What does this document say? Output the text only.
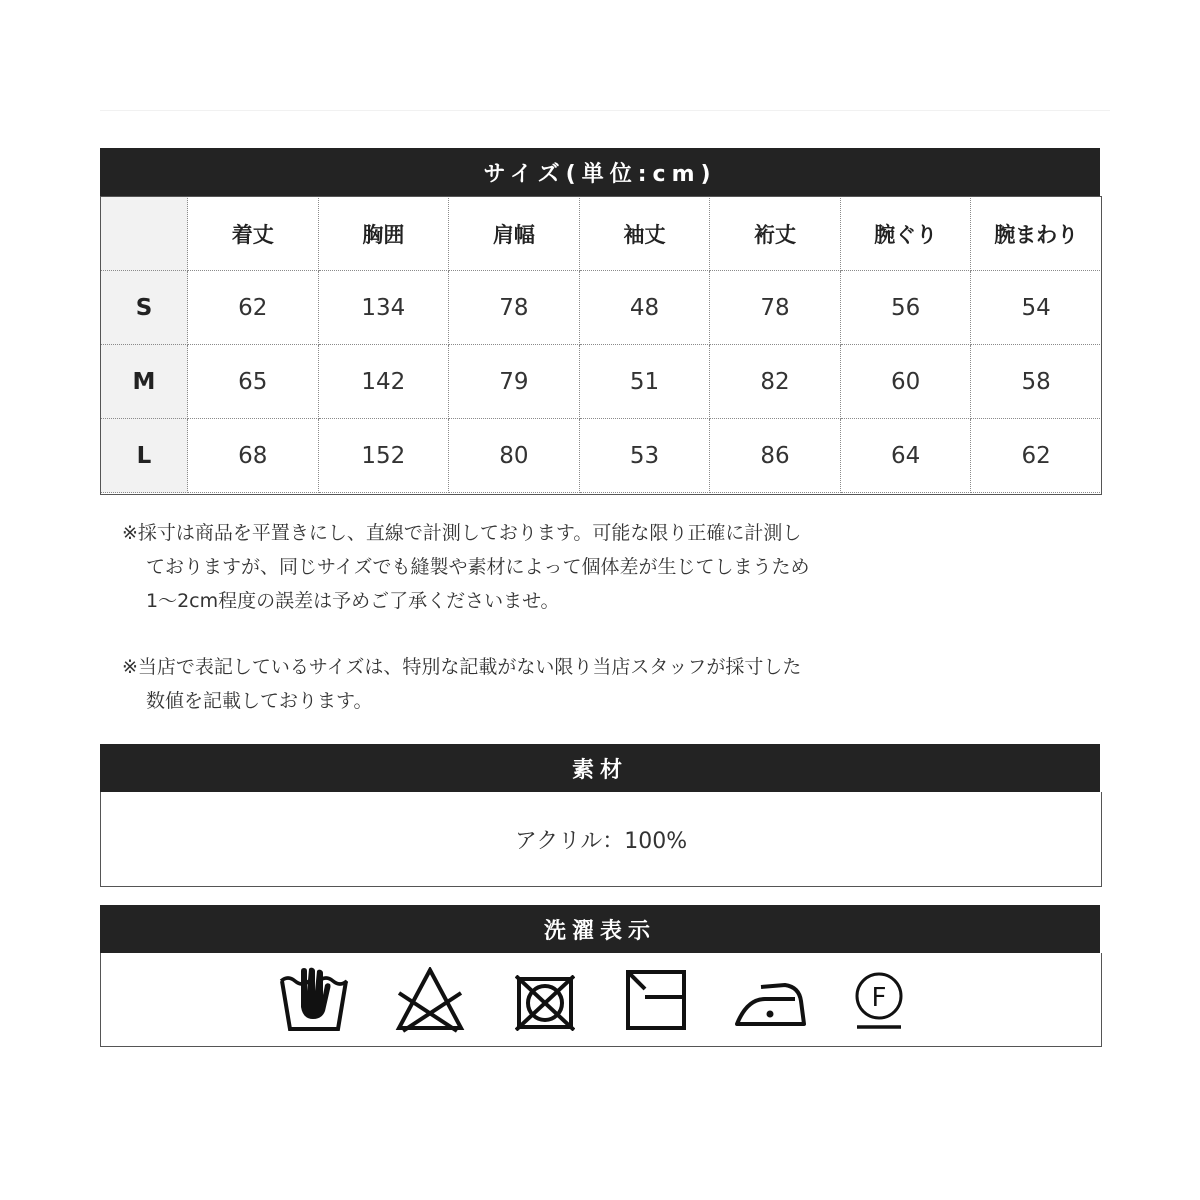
サイズ(単位:cm)
	着丈	胸囲	肩幅	袖丈	裄丈	腕ぐり	腕まわり
S	62	134	78	48	78	56	54
M	65	142	79	51	82	60	58
L	68	152	80	53	86	64	62

※採寸は商品を平置きにし、直線で計測しております。可能な限り正確に計測し
ておりますが、同じサイズでも縫製や素材によって個体差が生じてしまうため
1〜2cm程度の誤差は予めご了承くださいませ。

※当店で表記しているサイズは、特別な記載がない限り当店スタッフが採寸した
数値を記載しております。

素材
アクリル：100%
洗濯表示
F
